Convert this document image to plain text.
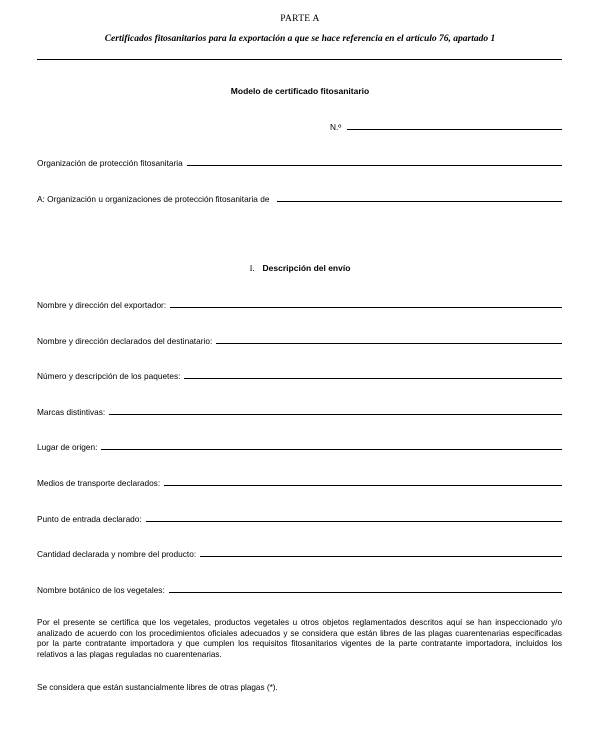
PARTE A
Certificados fitosanitarios para la exportación a que se hace referencia en el artículo 76, apartado 1
Modelo de certificado fitosanitario
N.º
Organización de protección fitosanitaria
A: Organización u organizaciones de protección fitosanitaria de
I. Descripción del envío
Nombre y dirección del exportador:
Nombre y dirección declarados del destinatario:
Número y descripción de los paquetes:
Marcas distintivas:
Lugar de origen:
Medios de transporte declarados:
Punto de entrada declarado:
Cantidad declarada y nombre del producto:
Nombre botánico de los vegetales:
Por el presente se certifica que los vegetales, productos vegetales u otros objetos reglamentados descritos aquí se han inspeccionado y/o analizado de acuerdo con los procedimientos oficiales adecuados y se considera que están libres de las plagas cuarentenarias especificadas por la parte contratante importadora y que cumplen los requisitos fitosanitarios vigentes de la parte contratante importadora, incluidos los relativos a las plagas reguladas no cuarentenarias.
Se considera que están sustancialmente libres de otras plagas (*).
